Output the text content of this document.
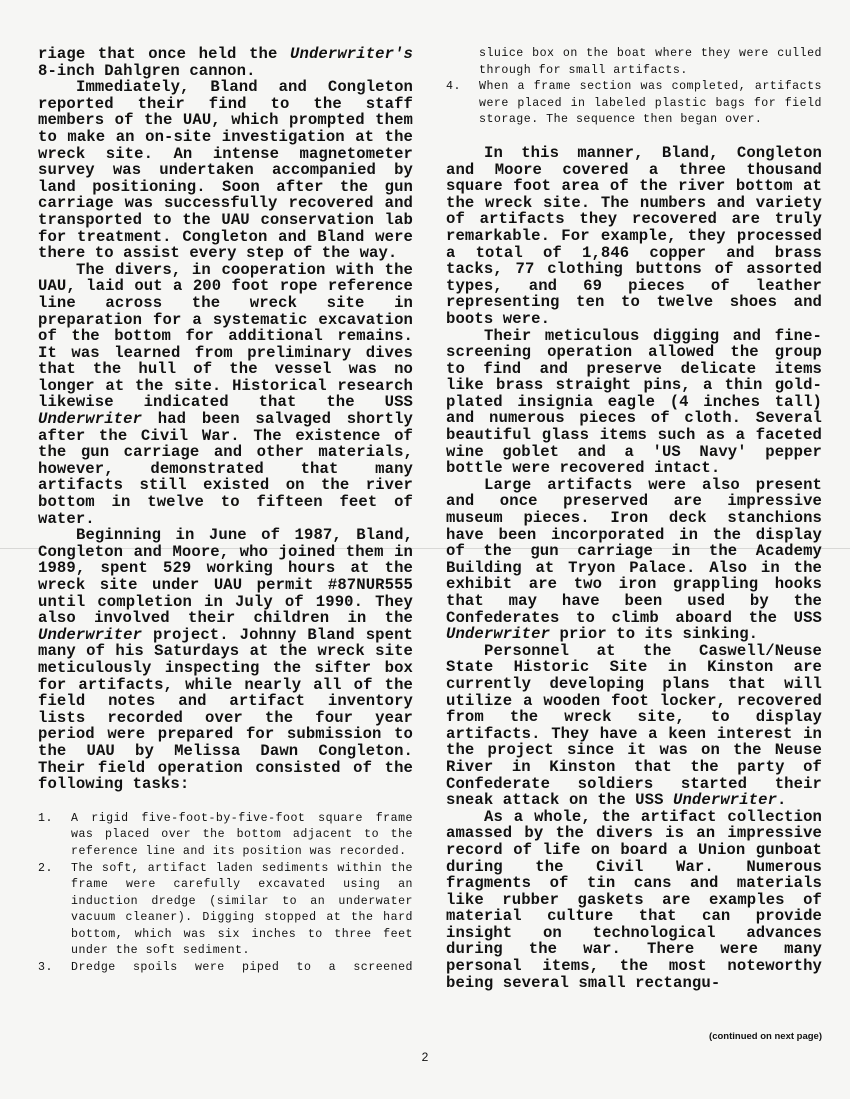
riage that once held the Underwriter's 8-inch Dahlgren cannon.

Immediately, Bland and Congleton reported their find to the staff members of the UAU, which prompted them to make an on-site investigation at the wreck site. An intense magnetometer survey was undertaken accompanied by land positioning. Soon after the gun carriage was successfully recovered and transported to the UAU conservation lab for treatment. Congleton and Bland were there to assist every step of the way.

The divers, in cooperation with the UAU, laid out a 200 foot rope reference line across the wreck site in preparation for a systematic excavation of the bottom for additional remains. It was learned from preliminary dives that the hull of the vessel was no longer at the site. Historical research likewise indicated that the USS Underwriter had been salvaged shortly after the Civil War. The existence of the gun carriage and other materials, however, demonstrated that many artifacts still existed on the river bottom in twelve to fifteen feet of water.

Beginning in June of 1987, Bland, Congleton and Moore, who joined them in 1989, spent 529 working hours at the wreck site under UAU permit #87NUR555 until completion in July of 1990. They also involved their children in the Underwriter project. Johnny Bland spent many of his Saturdays at the wreck site meticulously inspecting the sifter box for artifacts, while nearly all of the field notes and artifact inventory lists recorded over the four year period were prepared for submission to the UAU by Melissa Dawn Congleton. Their field operation consisted of the following tasks:

1. A rigid five-foot-by-five-foot square frame was placed over the bottom adjacent to the reference line and its position was recorded.
2. The soft, artifact laden sediments within the frame were carefully excavated using an induction dredge (similar to an underwater vacuum cleaner). Digging stopped at the hard bottom, which was six inches to three feet under the soft sediment.
3. Dredge spoils were piped to a screened
sluice box on the boat where they were culled through for small artifacts.
4. When a frame section was completed, artifacts were placed in labeled plastic bags for field storage. The sequence then began over.

In this manner, Bland, Congleton and Moore covered a three thousand square foot area of the river bottom at the wreck site. The numbers and variety of artifacts they recovered are truly remarkable. For example, they processed a total of 1,846 copper and brass tacks, 77 clothing buttons of assorted types, and 69 pieces of leather representing ten to twelve shoes and boots were.

Their meticulous digging and fine-screening operation allowed the group to find and preserve delicate items like brass straight pins, a thin gold-plated insignia eagle (4 inches tall) and numerous pieces of cloth. Several beautiful glass items such as a faceted wine goblet and a 'US Navy' pepper bottle were recovered intact.

Large artifacts were also present and once preserved are impressive museum pieces. Iron deck stanchions have been incorporated in the display of the gun carriage in the Academy Building at Tryon Palace. Also in the exhibit are two iron grappling hooks that may have been used by the Confederates to climb aboard the USS Underwriter prior to its sinking.

Personnel at the Caswell/Neuse State Historic Site in Kinston are currently developing plans that will utilize a wooden foot locker, recovered from the wreck site, to display artifacts. They have a keen interest in the project since it was on the Neuse River in Kinston that the party of Confederate soldiers started their sneak attack on the USS Underwriter.

As a whole, the artifact collection amassed by the divers is an impressive record of life on board a Union gunboat during the Civil War. Numerous fragments of tin cans and materials like rubber gaskets are examples of material culture that can provide insight on technological advances during the war. There were many personal items, the most noteworthy being several small rectangu-

(continued on next page)
2
